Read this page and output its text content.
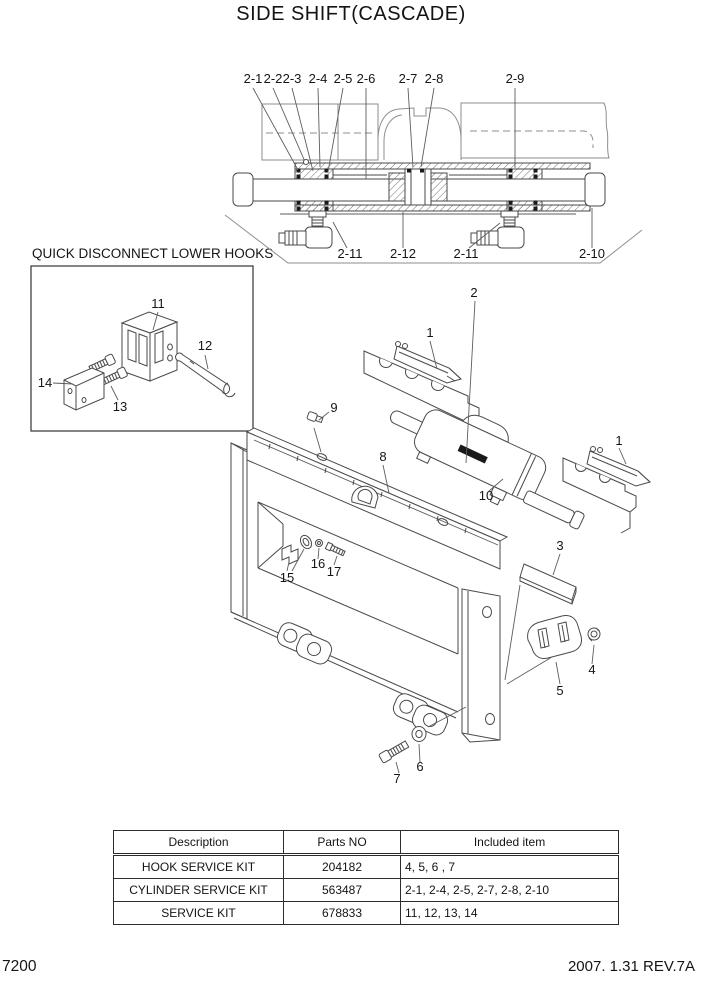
SIDE SHIFT(CASCADE)
QUICK DISCONNECT LOWER HOOKS
2-1 2-2 2-3 2-4 2-5 2-6 2-7 2-8	2-9
2-11 2-12	2-11	2-10
2
1
1
8
9
10
3
4
5
6
7
15
16
17
11
12
13
14
Description	Parts NO	Included item
HOOK SERVICE KIT	204182	4, 5, 6 , 7
CYLINDER SERVICE KIT	563487	2-1, 2-4, 2-5, 2-7, 2-8, 2-10
SERVICE KIT	678833	11, 12, 13, 14
7200	2007. 1.31 REV.7A
